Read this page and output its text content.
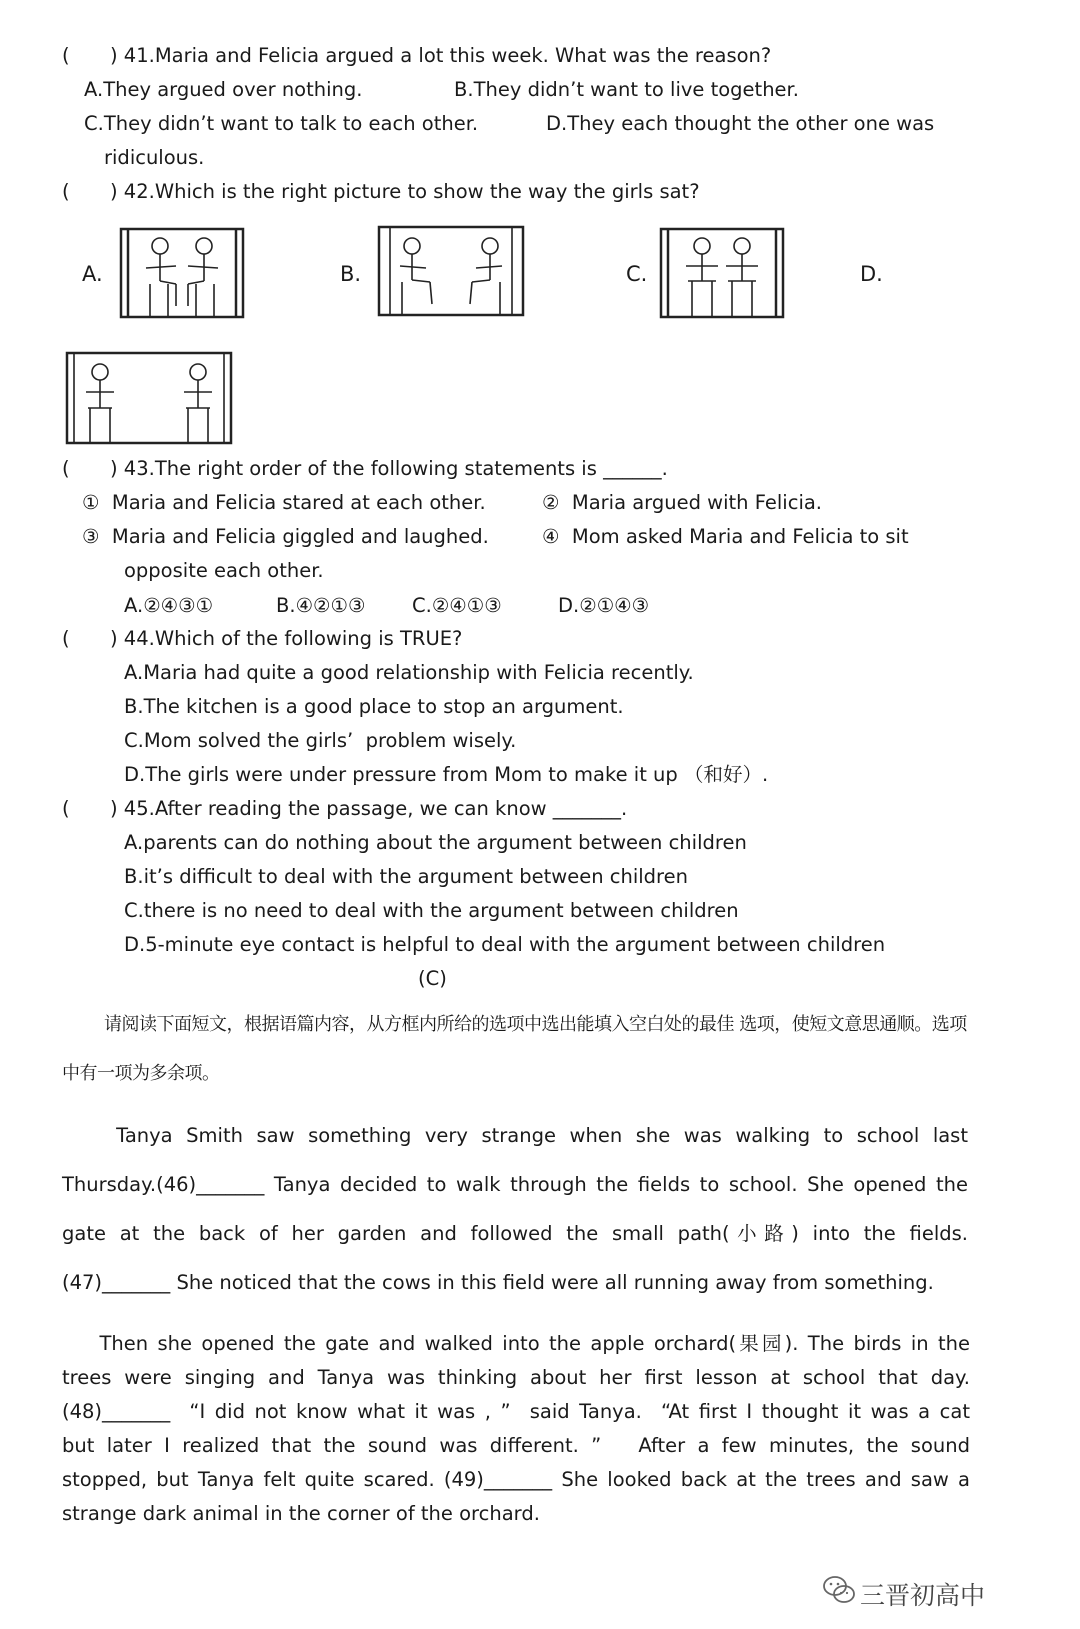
( ) 41.Maria and Felicia argued a lot this week. What was the reason?
A.They argued over nothing.	B.They didn’t want to live together.
C.They didn’t want to talk to each other.	D.They each thought the other one was
ridiculous.
( ) 42.Which is the right picture to show the way the girls sat?
A.	B.	C.	D.
( ) 43.The right order of the following statements is ______.
①  Maria and Felicia stared at each other.	②  Maria argued with Felicia.
③  Maria and Felicia giggled and laughed.	④  Mom asked Maria and Felicia to sit
opposite each other.
A.②④③①	B.④②①③ C.②④①③	D.②①④③
( ) 44.Which of the following is TRUE?
A.Maria had quite a good relationship with Felicia recently.
B.The kitchen is a good place to stop an argument.
C.Mom solved the girls’  problem wisely.
D.The girls were under pressure from Mom to make it up （和好）.
( ) 45.After reading the passage, we can know _______.
A.parents can do nothing about the argument between children
B.it’s difficult to deal with the argument between children
C.there is no need to deal with the argument between children
D.5-minute eye contact is helpful to deal with the argument between children
(C)
请阅读下面短文，根据语篇内容，从方框内所给的选项中选出能填入空白处的最佳 选项，使短文意思通顺。选项
中有一项为多余项。
Tanya Smith saw something very strange when she was walking to school last
Thursday.(46)_______ Tanya decided to walk through the fields to school. She opened the
gate at the back of her garden and followed the small path(小路) into the fields.
(47)_______ She noticed that the cows in this field were all running away from something.
Then she opened the gate and walked into the apple orchard(果园). The birds in the
trees were singing and Tanya was thinking about her first lesson at school that day.
(48)_______  “I did not know what it was , ”  said Tanya.  “At first I thought it was a cat
but later I realized that the sound was different. ”   After a few minutes, the sound
stopped, but Tanya felt quite scared. (49)_______ She looked back at the trees and saw a
strange dark animal in the corner of the orchard.
三晋初高中
